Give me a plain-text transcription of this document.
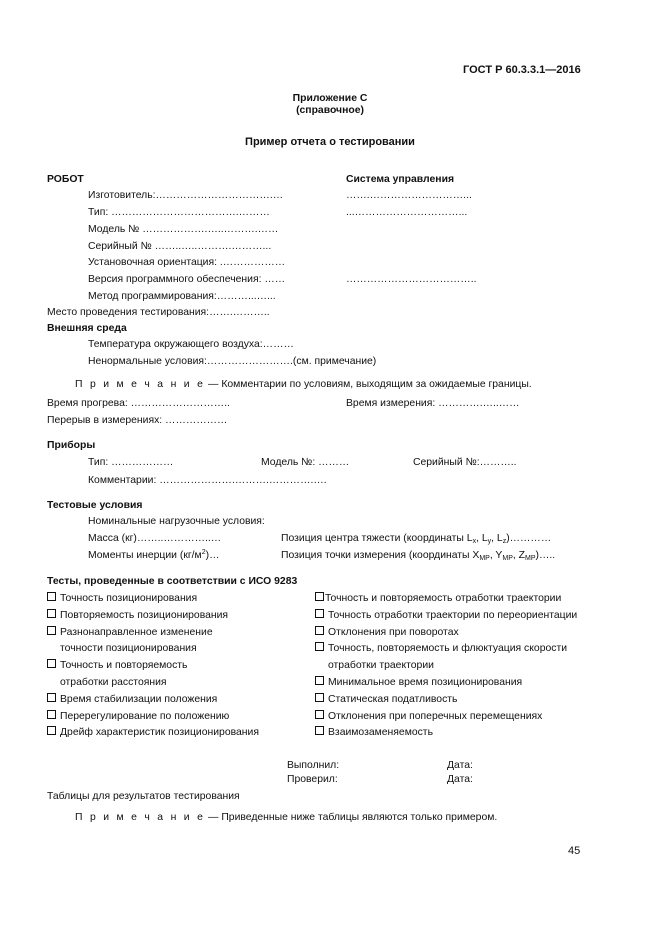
ГОСТ Р 60.3.3.1—2016
Приложение С
(справочное)
Пример отчета о тестировании
РОБОТ	Система управления
Изготовитель:…………………………….…	…….………………………...
Тип: ……………………………….………	...…………………………...
Модель № ……………….…..……….……
Серийный № ……..…..……….………...
Установочная ориентация: .………………
Версия программного обеспечения: ……	………………………………..
Метод программирования:………...…...
Место проведения тестирования:…….………..
Внешняя среда
Температура окружающего воздуха:………
Ненормальные условия:…………………….(см. примечание)
П р и м е ч а н и е — Комментарии по условиям, выходящим за ожидаемые границы.
Время прогрева: ………………………..	Время измерения: ………….…..……
Перерыв в измерениях: ………………
Приборы
Тип: ………………	Модель №: ………	Серийный №:………..
Комментарии: ………………….……….………….….
Тестовые условия
Номинальные нагрузочные условия:
Масса (кг)……..…………..…	Позиция центра тяжести (координаты $L_x$, $L_y$, $L_z)\dots\dots\dots\dots$
Моменты инерции $(кг/м^2)\dots$	Позиция точки измерения (координаты $X_{MP}$, $Y_{MP}$, $Z_{MP})\dots$..
Тесты, проведенные в соответствии с ИСО 9283
Точность позиционирования
Повторяемость позиционирования
Разнонаправленное изменение
точности позиционирования
Точность и повторяемость
отработки расстояния
Время стабилизации положения
Перерегулирование по положению
Дрейф характеристик позиционирования
Точность и повторяемость отработки траектории
Точность отработки траектории по переориентации
Отклонения при поворотах
Точность, повторяемость и флюктуация скорости
отработки траектории
Минимальное время позиционирования
Статическая податливость
Отклонения при поперечных перемещениях
Взаимозаменяемость
Выполнил:	Дата:
Проверил:	Дата:
Таблицы для результатов тестирования
П р и м е ч а н и е — Приведенные ниже таблицы являются только примером.
45
